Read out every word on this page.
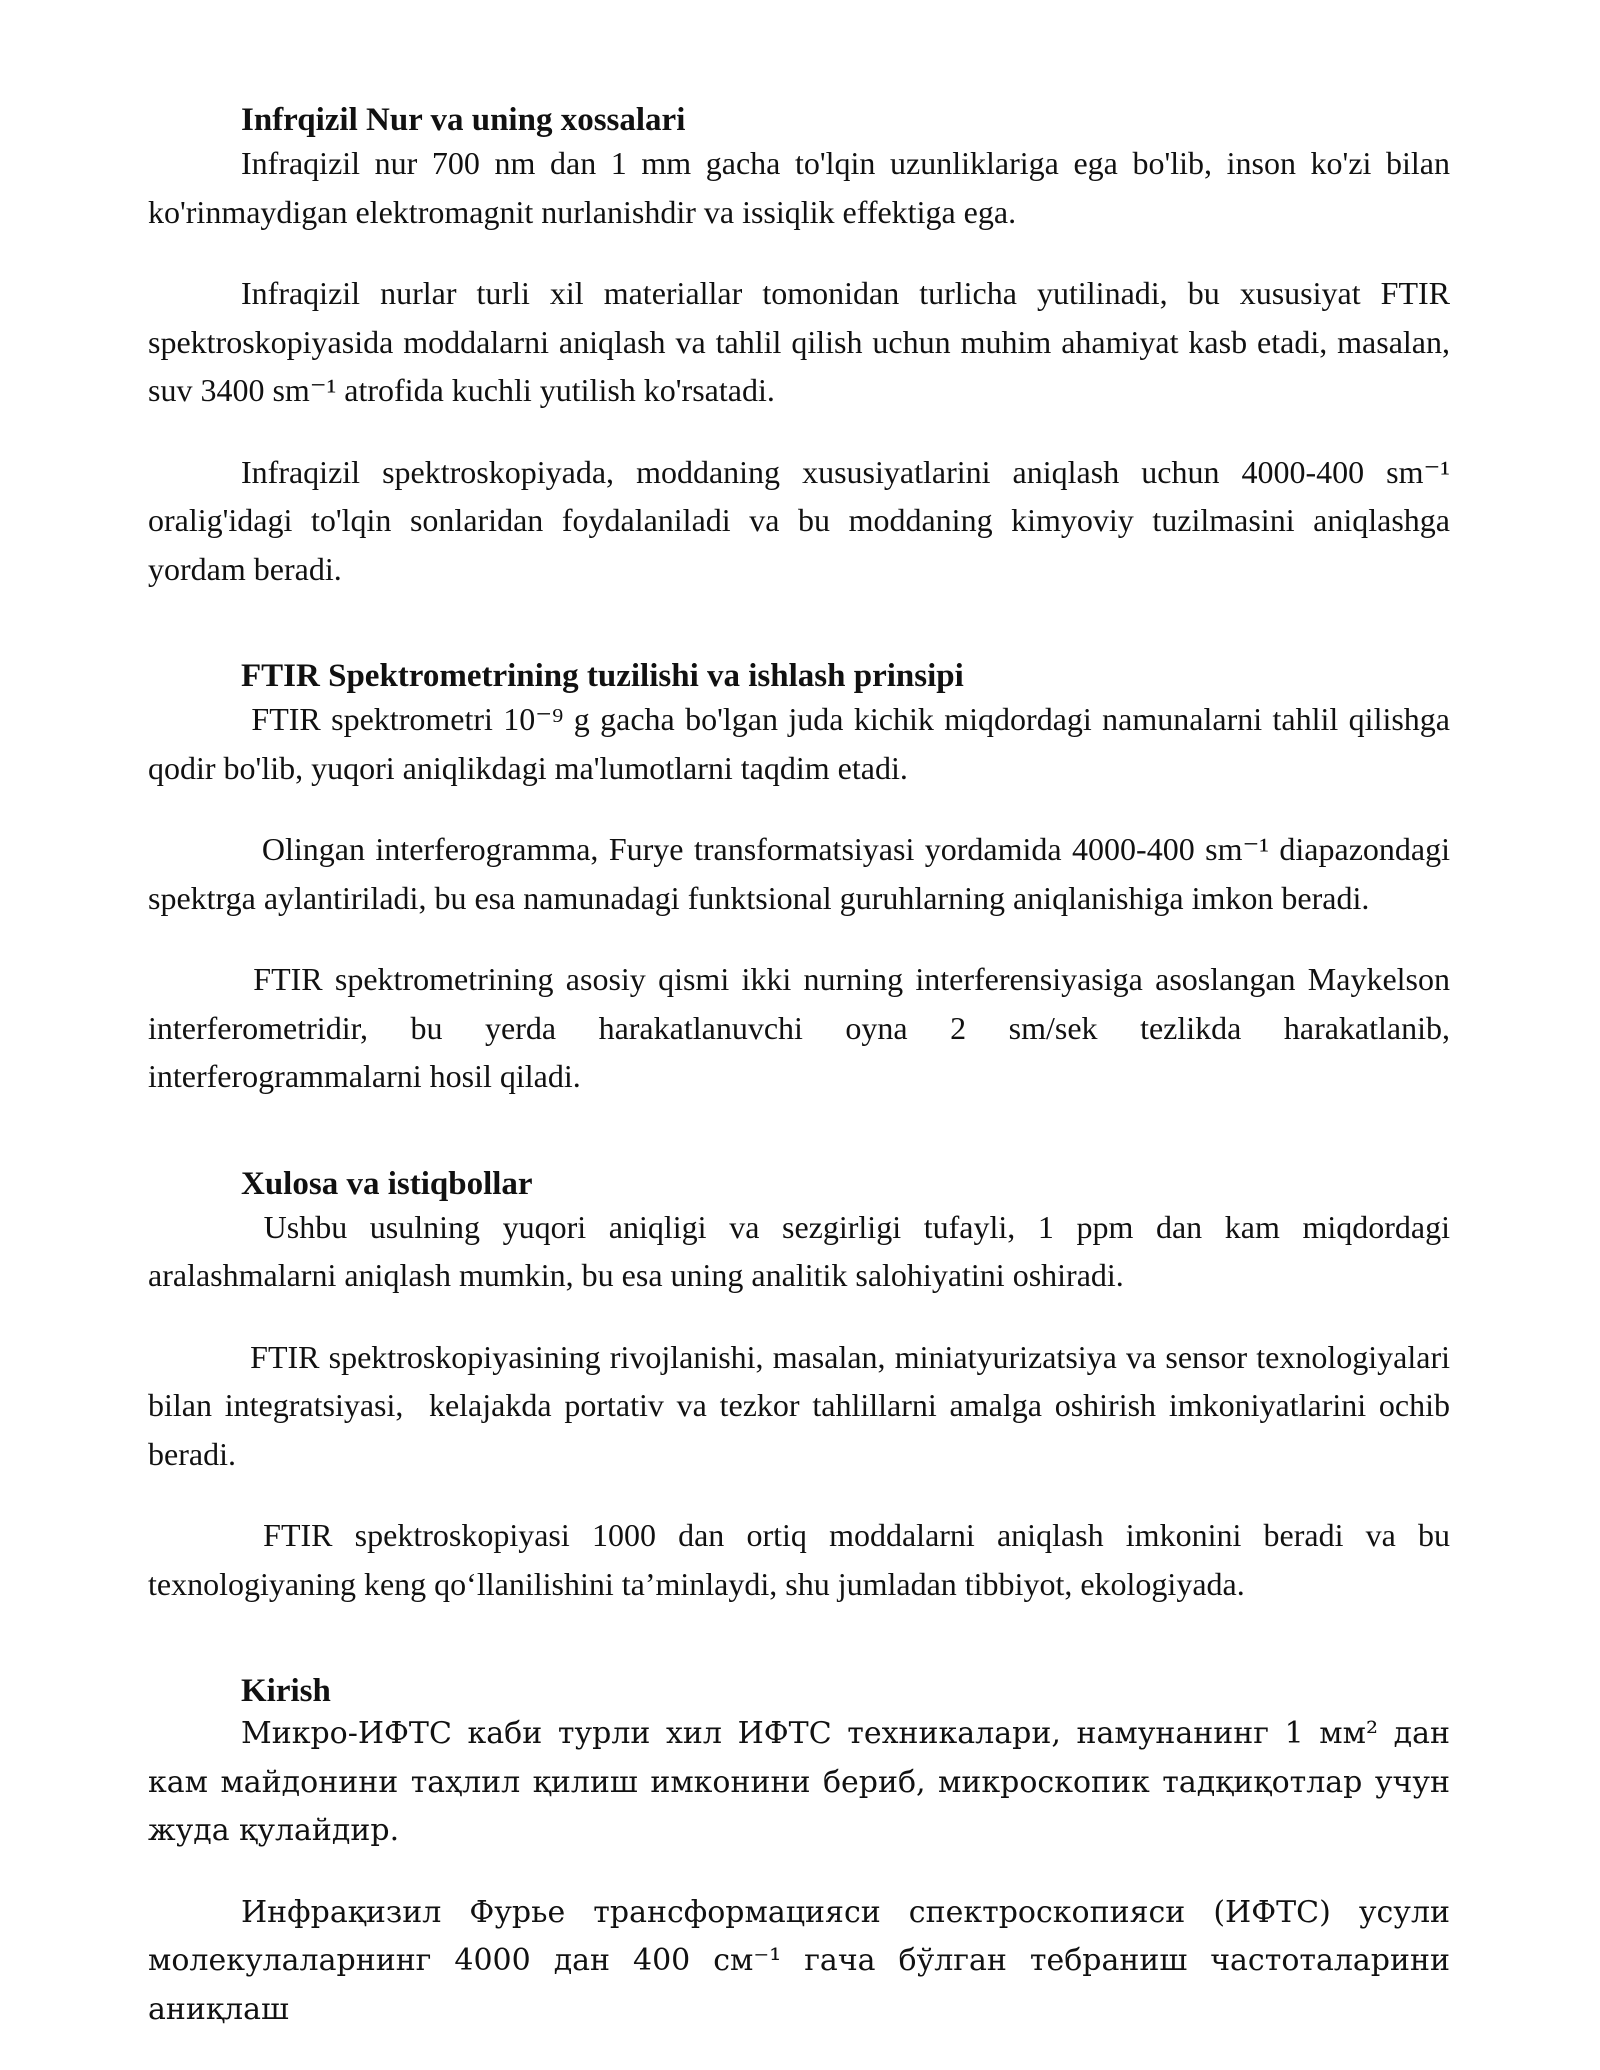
Infrqizil Nur va uning xossalari

Infraqizil nur 700 nm dan 1 mm gacha to'lqin uzunliklariga ega bo'lib, inson ko'zi bilan ko'rinmaydigan elektromagnit nurlanishdir va issiqlik effektiga ega.

Infraqizil nurlar turli xil materiallar tomonidan turlicha yutilinadi, bu xususiyat FTIR spektroskopiyasida moddalarni aniqlash va tahlil qilish uchun muhim ahamiyat kasb etadi, masalan, suv 3400 sm⁻¹ atrofida kuchli yutilish ko'rsatadi.

Infraqizil spektroskopiyada, moddaning xususiyatlarini aniqlash uchun 4000-400 sm⁻¹ oralig'idagi to'lqin sonlaridan foydalaniladi va bu moddaning kimyoviy tuzilmasini aniqlashga yordam beradi.

FTIR Spektrometrining tuzilishi va ishlash prinsipi

FTIR spektrometri 10⁻⁹ g gacha bo'lgan juda kichik miqdordagi namunalarni tahlil qilishga qodir bo'lib, yuqori aniqlikdagi ma'lumotlarni taqdim etadi.

Olingan interferogramma, Furye transformatsiyasi yordamida 4000-400 sm⁻¹ diapazondagi spektrga aylantiriladi, bu esa namunadagi funktsional guruhlarning aniqlanishiga imkon beradi.

FTIR spektrometrining asosiy qismi ikki nurning interferensiyasiga asoslangan Maykelson interferometridir, bu yerda harakatlanuvchi oyna 2 sm/sek tezlikda harakatlanib, interferogrammalarni hosil qiladi.

Xulosa va istiqbollar

Ushbu usulning yuqori aniqligi va sezgirligi tufayli, 1 ppm dan kam miqdordagi aralashmalarni aniqlash mumkin, bu esa uning analitik salohiyatini oshiradi.

FTIR spektroskopiyasining rivojlanishi, masalan, miniatyurizatsiya va sensor texnologiyalari bilan integratsiyasi,  kelajakda portativ va tezkor tahlillarni amalga oshirish imkoniyatlarini ochib beradi.

FTIR spektroskopiyasi 1000 dan ortiq moddalarni aniqlash imkonini beradi va bu texnologiyaning keng qo‘llanilishini ta’minlaydi, shu jumladan tibbiyot, ekologiyada.

Kirish

Микро-ИФТС каби турли хил ИФТС техникалари, намунанинг 1 мм² дан кам майдонини таҳлил қилиш имконини бериб, микроскопик тадқиқотлар учун жуда қулайдир.

Инфрақизил Фурье трансформацияси спектроскопияси (ИФТС) усули молекулаларнинг 4000 дан 400 см⁻¹ гача бўлган тебраниш частоталарини аниқлаш
